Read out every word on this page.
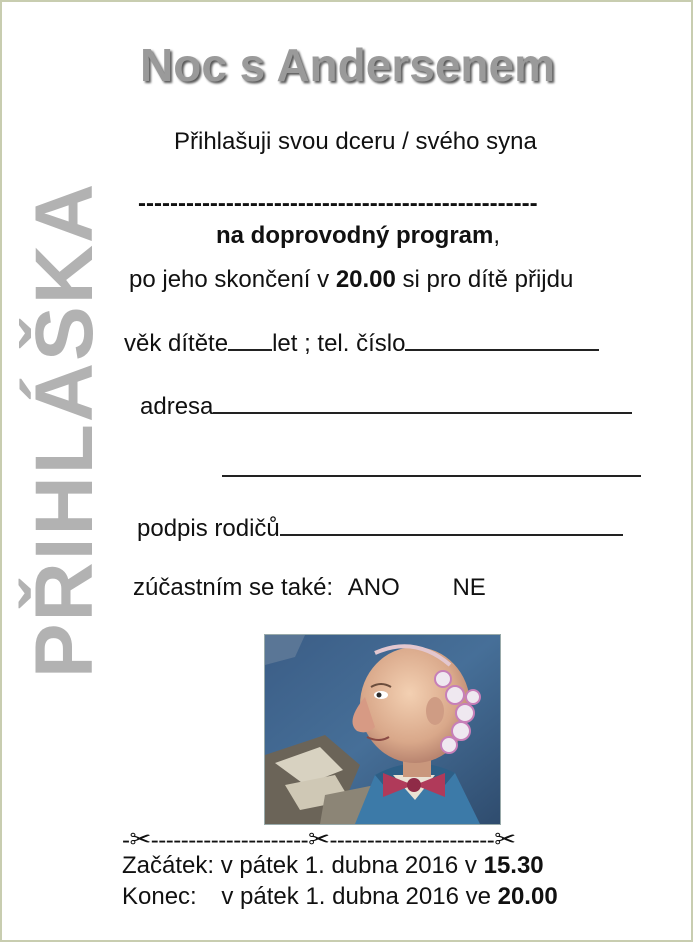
PŘIHLÁŠKA
Noc s Andersenem
Přihlašuji svou dceru / svého syna
--------------------------------------------------
na doprovodný program,
po jeho skončení v 20.00 si pro dítě přijdu
věk dítěte let ; tel. číslo
adresa
podpis rodičů
zúčastním se také: ANO NE
-✂---------------------✂----------------------✂
Začátek: v pátek 1. dubna 2016 v 15.30
Konec: v pátek 1. dubna 2016 ve 20.00
